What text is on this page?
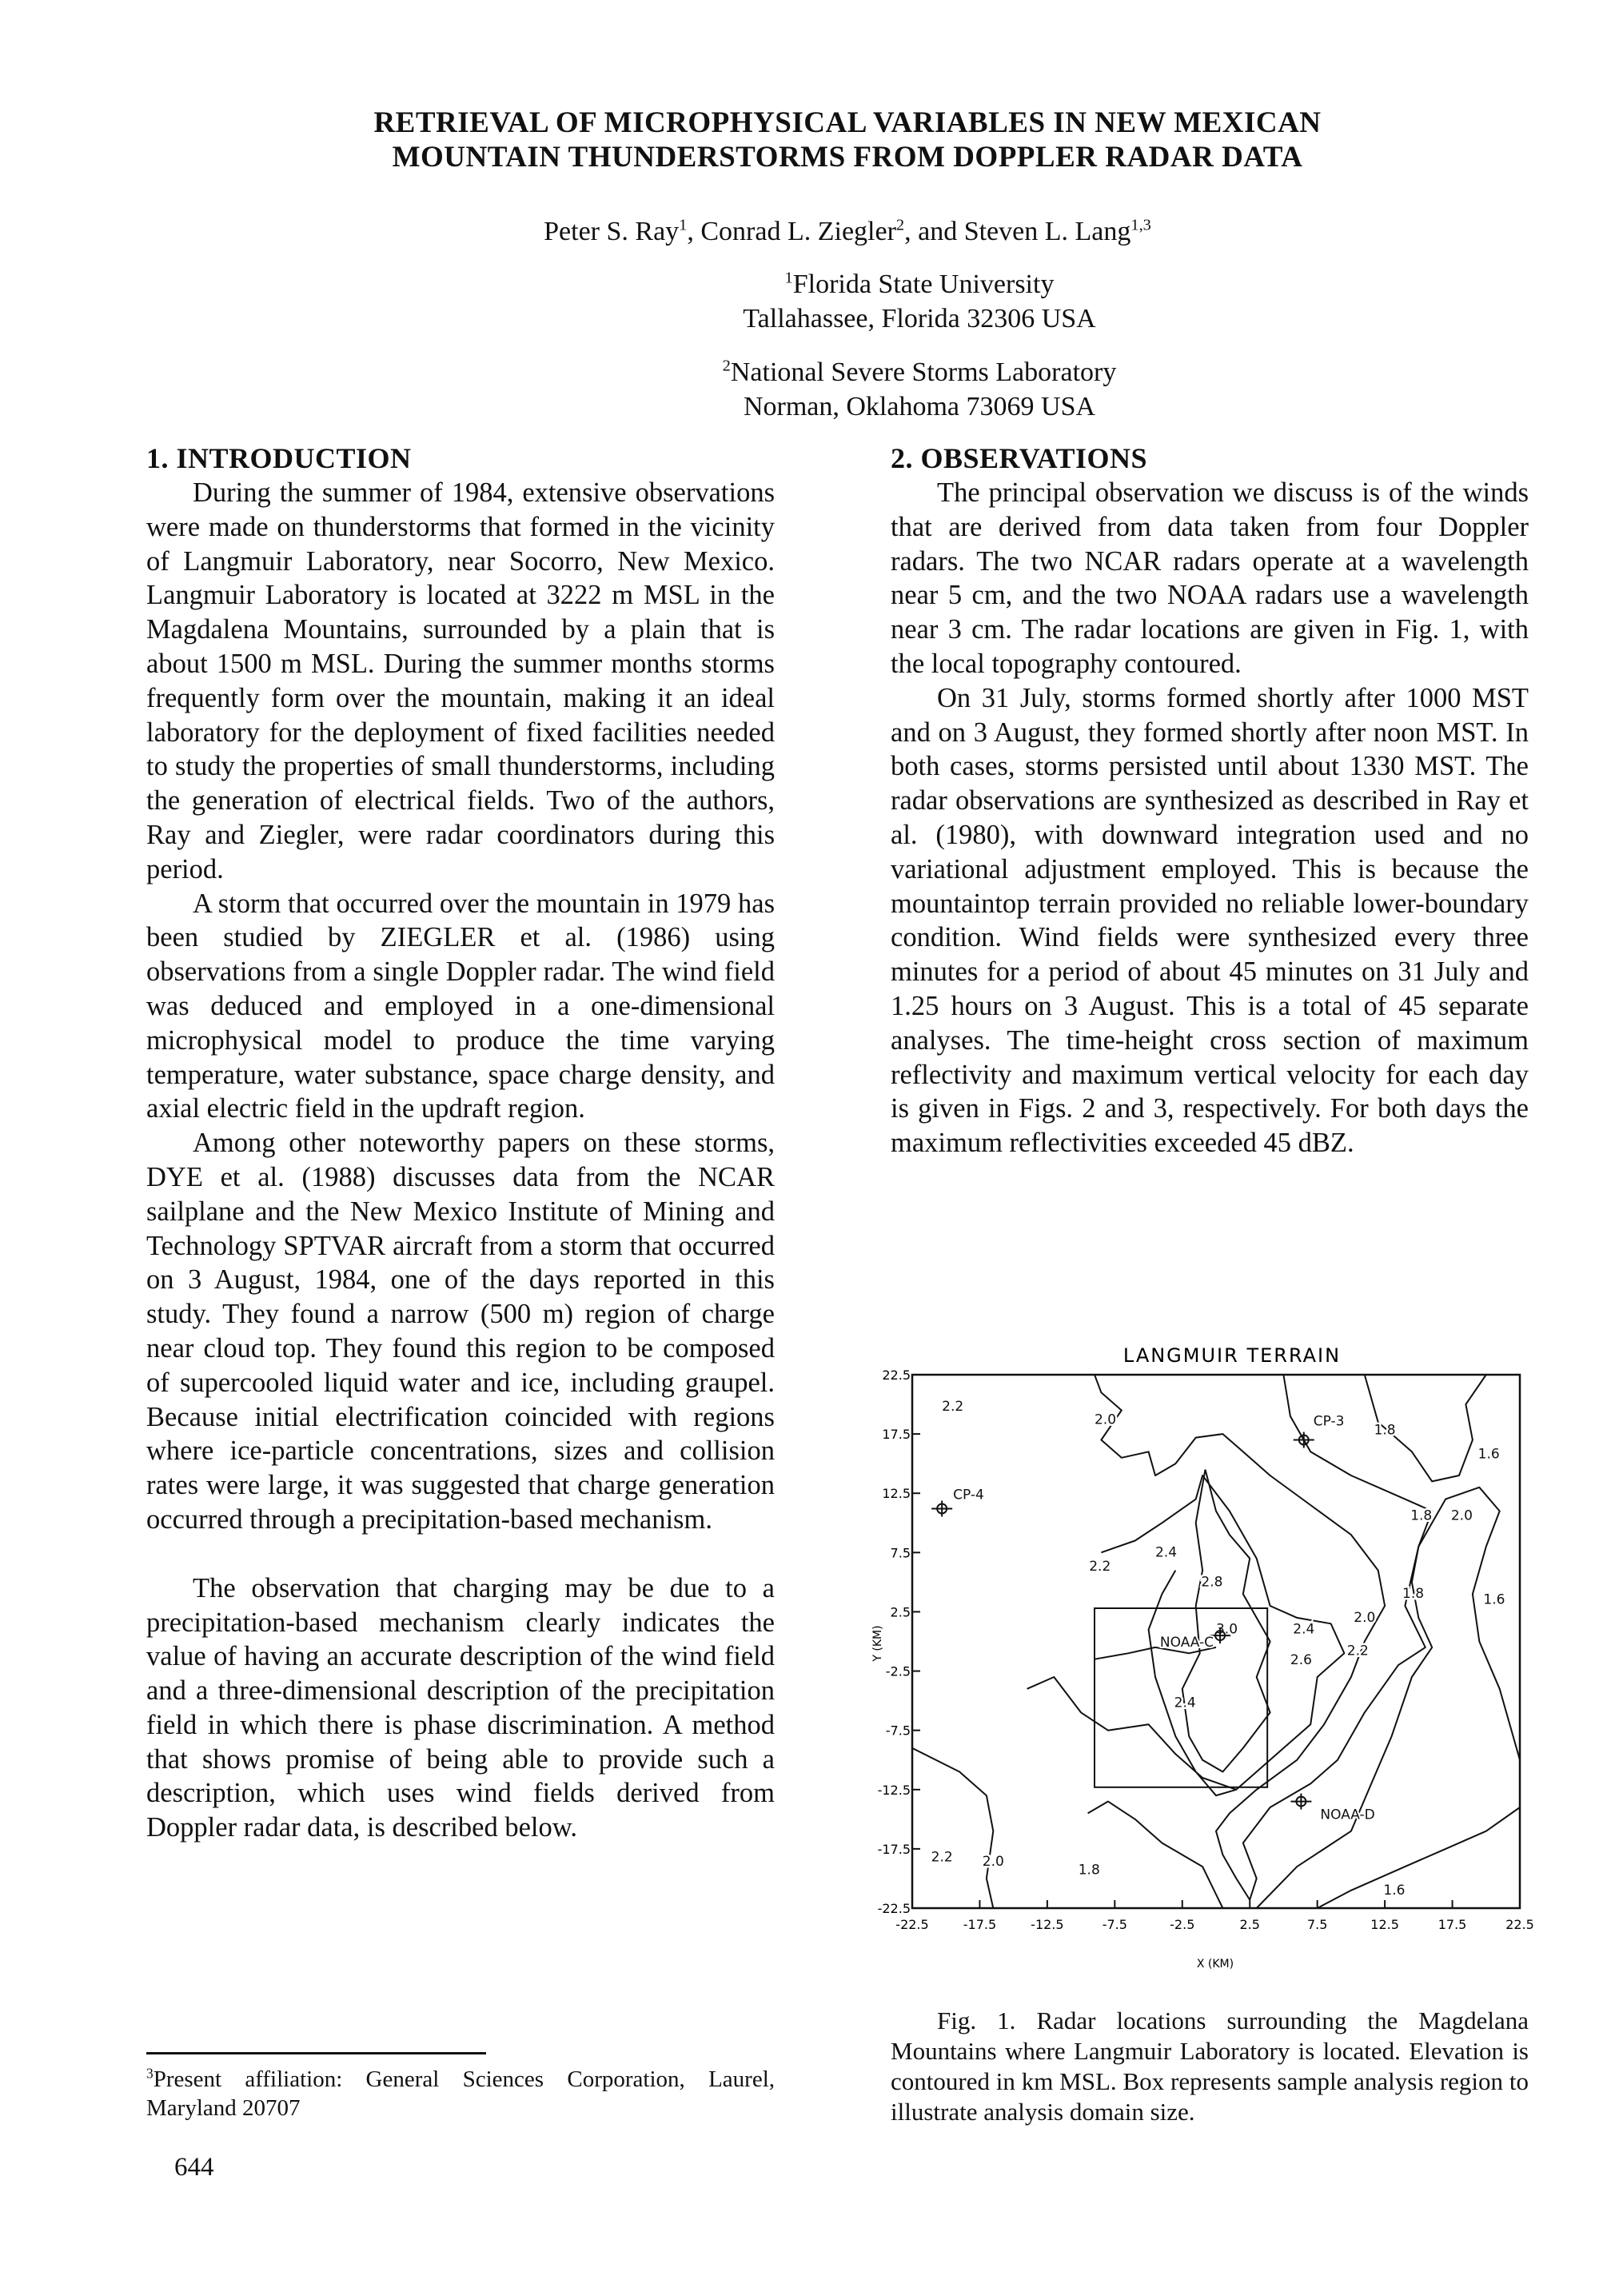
RETRIEVAL OF MICROPHYSICAL VARIABLES IN NEW MEXICAN
MOUNTAIN THUNDERSTORMS FROM DOPPLER RADAR DATA
Peter S. Ray$^1$, Conrad L. Ziegler$^2$, and Steven L. Lang$^{1,3}$
$^1$Florida State University
Tallahassee, Florida 32306 USA
$^2$National Severe Storms Laboratory
Norman, Oklahoma 73069 USA
1. INTRODUCTION

During the summer of 1984, extensive observations were made on thunderstorms that formed in the vicinity of Langmuir Laboratory, near Socorro, New Mexico. Langmuir Laboratory is located at 3222 m MSL in the Magdalena Mountains, surrounded by a plain that is about 1500 m MSL. During the summer months storms frequently form over the mountain, making it an ideal laboratory for the deployment of fixed facilities needed to study the properties of small thunderstorms, including the generation of electrical fields. Two of the authors, Ray and Ziegler, were radar coordinators during this period.

A storm that occurred over the mountain in 1979 has been studied by ZIEGLER et al. (1986) using observations from a single Doppler radar. The wind field was deduced and employed in a one-dimensional microphysical model to produce the time varying temperature, water substance, space charge density, and axial electric field in the updraft region.

Among other noteworthy papers on these storms, DYE et al. (1988) discusses data from the NCAR sailplane and the New Mexico Institute of Mining and Technology SPTVAR aircraft from a storm that occurred on 3 August, 1984, one of the days reported in this study. They found a narrow (500 m) region of charge near cloud top. They found this region to be composed of supercooled liquid water and ice, including graupel. Because initial electrification coincided with regions where ice-particle concentrations, sizes and collision rates were large, it was suggested that charge generation occurred through a precipitation-based mechanism.

The observation that charging may be due to a precipitation-based mechanism clearly indicates the value of having an accurate description of the wind field and a three-dimensional description of the precipitation field in which there is phase discrimination. A method that shows promise of being able to provide such a description, which uses wind fields derived from Doppler radar data, is described below.

2. OBSERVATIONS

The principal observation we discuss is of the winds that are derived from data taken from four Doppler radars. The two NCAR radars operate at a wavelength near 5 cm, and the two NOAA radars use a wavelength near 3 cm. The radar locations are given in Fig. 1, with the local topography contoured.

On 31 July, storms formed shortly after 1000 MST and on 3 August, they formed shortly after noon MST. In both cases, storms persisted until about 1330 MST. The radar observations are synthesized as described in Ray et al. (1980), with downward integration used and no variational adjustment employed. This is because the mountaintop terrain provided no reliable lower-boundary condition. Wind fields were synthesized every three minutes for a period of about 45 minutes on 31 July and 1.25 hours on 3 August. This is a total of 45 separate analyses. The time-height cross section of maximum reflectivity and maximum vertical velocity for each day is given in Figs. 2 and 3, respectively. For both days the maximum reflectivities exceeded 45 dBZ.

$^3$Present affiliation: General Sciences Corporation, Laurel, Maryland 20707
644
LANGMUIR TERRAIN
2.2
2.0
1.8
1.6
1.8 2.0
2.2
2.4
2.8
1.8	1.6
3.0	2.4
2.0
2.2
2.6
2.4
2.2 2.0
1.8
1.6
CP-3
CP-4
NOAA-C
NOAA-D
-22.5	-17.5	-12.5	-7.5	-2.5	2.5	7.5	12.5	17.5	22.5
22.5
17.5
12.5
7.5
2.5
-2.5
-7.5
-12.5
-17.5
-22.5
X (KM)
Y (KM)

Fig. 1. Radar locations surrounding the Magdelana Mountains where Langmuir Laboratory is located. Elevation is contoured in km MSL. Box represents sample analysis region to illustrate analysis domain size.
